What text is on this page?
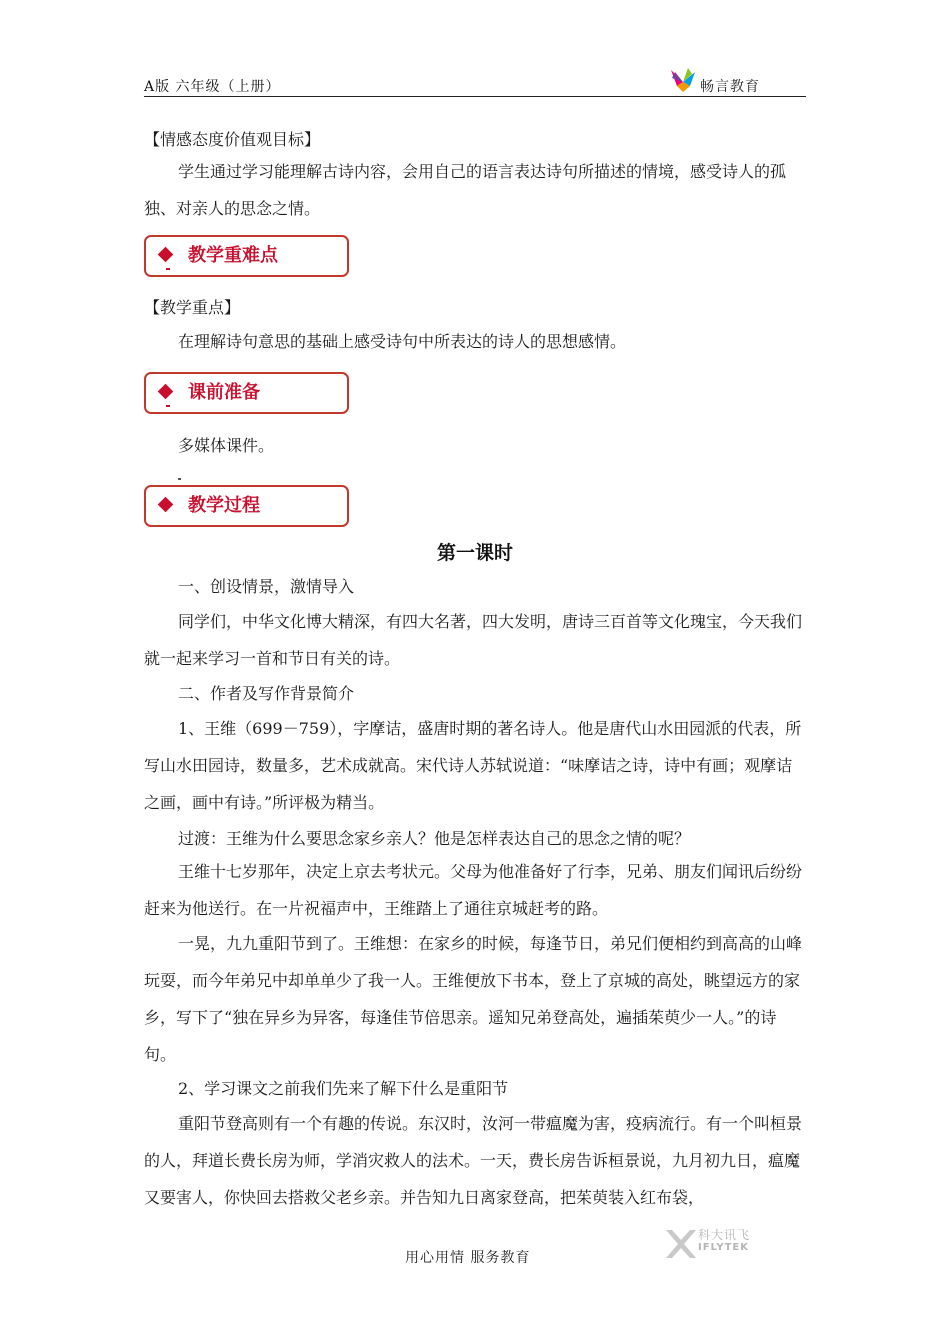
A版 六年级（上册）	畅言教育
【情感态度价值观目标】

学生通过学习能理解古诗内容，会用自己的语言表达诗句所描述的情境，感受诗人的孤独、对亲人的思念之情。

教学重难点
【教学重点】

在理解诗句意思的基础上感受诗句中所表达的诗人的思想感情。

课前准备

多媒体课件。

教学过程
第一课时

一、创设情景，激情导入

同学们，中华文化博大精深，有四大名著，四大发明，唐诗三百首等文化瑰宝，今天我们就一起来学习一首和节日有关的诗。

二、作者及写作背景简介

1、王维（699－759），字摩诘，盛唐时期的著名诗人。他是唐代山水田园派的代表，所写山水田园诗，数量多，艺术成就高。宋代诗人苏轼说道：“味摩诘之诗，诗中有画；观摩诘之画，画中有诗。”所评极为精当。

过渡：王维为什么要思念家乡亲人？他是怎样表达自己的思念之情的呢？

王维十七岁那年，决定上京去考状元。父母为他准备好了行李，兄弟、朋友们闻讯后纷纷赶来为他送行。在一片祝福声中，王维踏上了通往京城赶考的路。

一晃，九九重阳节到了。王维想：在家乡的时候，每逢节日，弟兄们便相约到高高的山峰玩耍，而今年弟兄中却单单少了我一人。王维便放下书本，登上了京城的高处，眺望远方的家乡，写下了“独在异乡为异客，每逢佳节倍思亲。遥知兄弟登高处，遍插茱萸少一人。”的诗句。

2、学习课文之前我们先来了解下什么是重阳节

重阳节登高则有一个有趣的传说。东汉时，汝河一带瘟魔为害，疫病流行。有一个叫桓景的人，拜道长费长房为师，学消灾救人的法术。一天，费长房告诉桓景说，九月初九日，瘟魔又要害人，你快回去搭救父老乡亲。并告知九日离家登高，把茱萸装入红布袋，

用心用情 服务教育
科大讯飞
IFLYTEK
